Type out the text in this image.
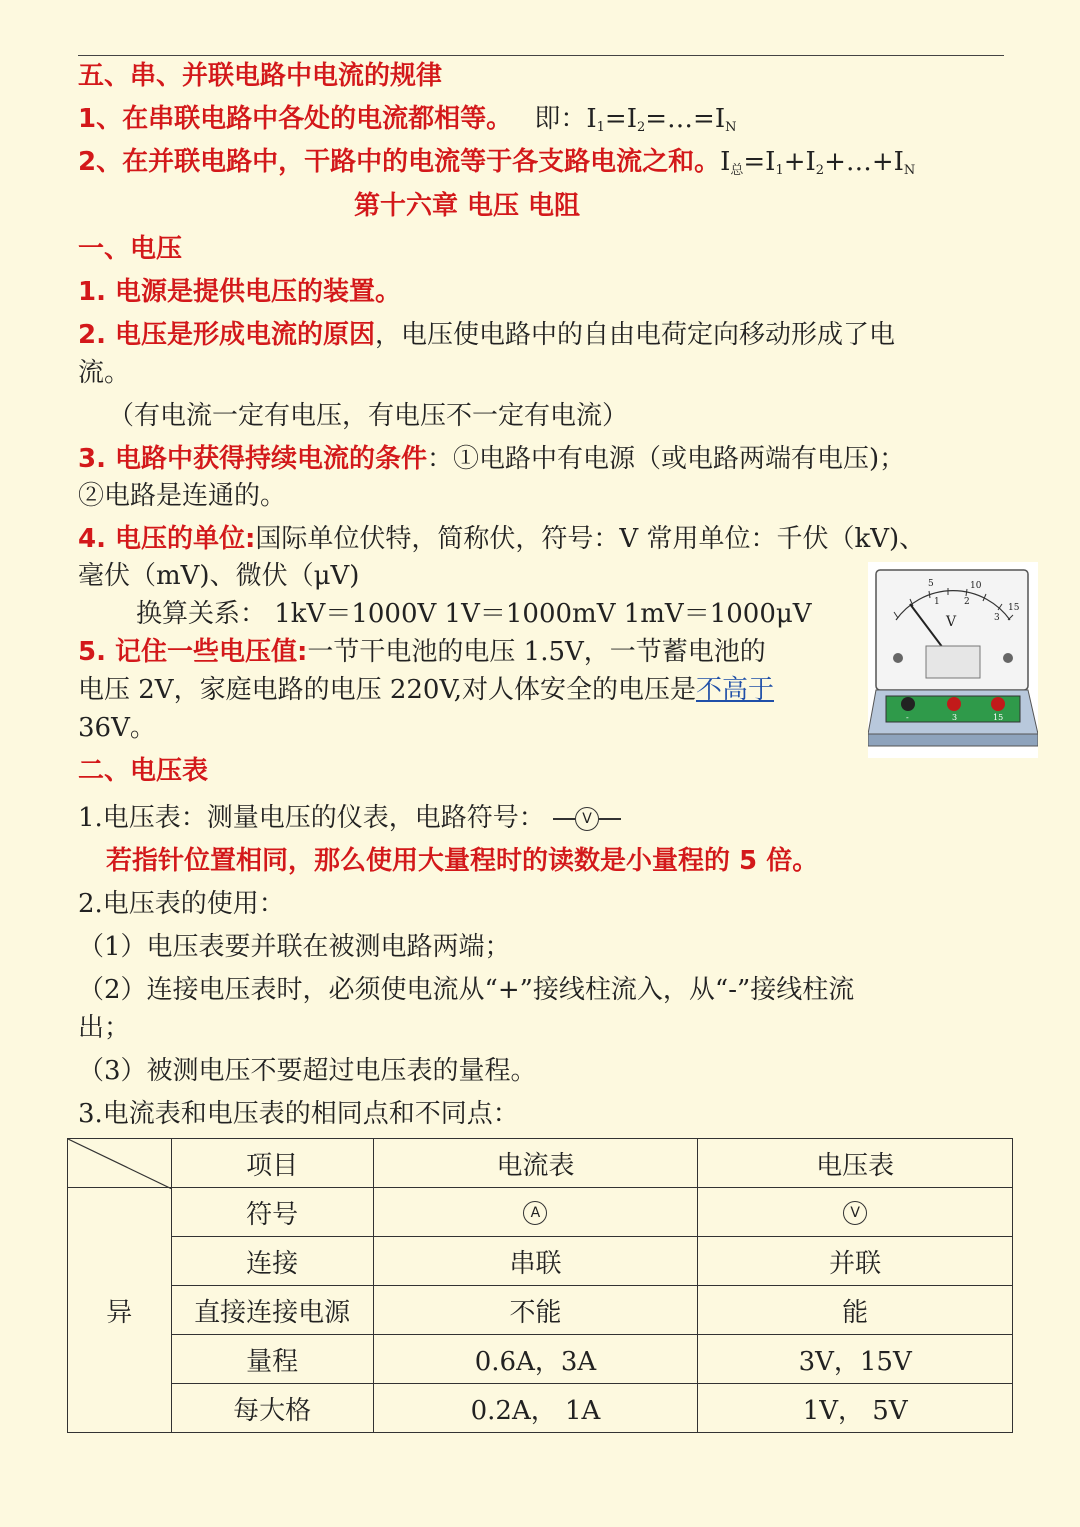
五、串、并联电路中电流的规律
1、在串联电路中各处的电流都相等。 即：$I_1=I_2=\dots=I_N$
2、在并联电路中，干路中的电流等于各支路电流之和。$I_总=I_1+I_2+\dots+I_N$
第十六章 电压 电阻
一、电压
1. 电源是提供电压的装置。
2. 电压是形成电流的原因，电压使电路中的自由电荷定向移动形成了电
流。
（有电流一定有电压，有电压不一定有电流）
3. 电路中获得持续电流的条件：①电路中有电源（或电路两端有电压)；
②电路是连通的。
4. 电压的单位:国际单位伏特，简称伏，符号：V 常用单位：千伏（kV)、
毫伏（mV)、微伏（μV)
换算关系： 1kV＝1000V 1V＝1000mV 1mV＝1000μV
5. 记住一些电压值:一节干电池的电压 1.5V，一节蓄电池的
电压 2V，家庭电路的电压 220V,对人体安全的电压是不高于
36V。
5	10
1	2
3
15
V
-	3	15
二、电压表
1.电压表：测量电压的仪表，电路符号：	V
若指针位置相同，那么使用大量程时的读数是小量程的 5 倍。
2.电压表的使用：
（1）电压表要并联在被测电路两端；
（2）连接电压表时，必须使电流从“+”接线柱流入，从“-”接线柱流
出；
（3）被测电压不要超过电压表的量程。
3.电流表和电压表的相同点和不同点：
	项目	电流表	电压表
异	符号	A	V
	连接	串联	并联
	直接连接电源	不能	能
	量程	0.6A，3A	3V，15V
	每大格	0.2A， 1A	1V， 5V
